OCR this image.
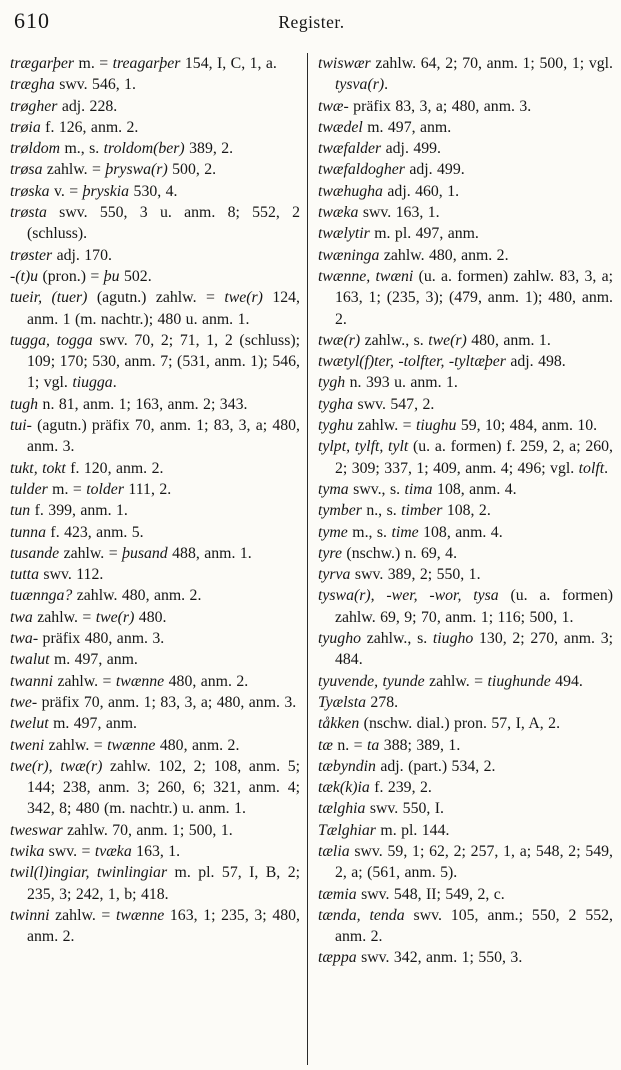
610	Register.

trægarþer m. = treagarþer 154, I, C, 1, a.

trægha swv. 546, 1.

trøgher adj. 228.

trøia f. 126, anm. 2.

trøldom m., s. troldom(ber) 389, 2.

trøsa zahlw. = þryswa(r) 500, 2.

trøska v. = þryskia 530, 4.

trøsta swv. 550, 3 u. anm. 8; 552, 2 (schluss).

trøster adj. 170.

-(t)u (pron.) = þu 502.

tueir, (tuer) (agutn.) zahlw. = twe(r) 124, anm. 1 (m. nachtr.); 480 u. anm. 1.

tugga, togga swv. 70, 2; 71, 1, 2 (schluss); 109; 170; 530, anm. 7; (531, anm. 1); 546, 1; vgl. tiugga.

tugh n. 81, anm. 1; 163, anm. 2; 343.

tui- (agutn.) präfix 70, anm. 1; 83, 3, a; 480, anm. 3.

tukt, tokt f. 120, anm. 2.

tulder m. = tolder 111, 2.

tun f. 399, anm. 1.

tunna f. 423, anm. 5.

tusande zahlw. = þusand 488, anm. 1.

tutta swv. 112.

tuænnga? zahlw. 480, anm. 2.

twa zahlw. = twe(r) 480.

twa- präfix 480, anm. 3.

twalut m. 497, anm.

twanni zahlw. = twænne 480, anm. 2.

twe- präfix 70, anm. 1; 83, 3, a; 480, anm. 3.

twelut m. 497, anm.

tweni zahlw. = twænne 480, anm. 2.

twe(r), twæ(r) zahlw. 102, 2; 108, anm. 5; 144; 238, anm. 3; 260, 6; 321, anm. 4; 342, 8; 480 (m. nachtr.) u. anm. 1.

tweswar zahlw. 70, anm. 1; 500, 1.

twika swv. = tvæka 163, 1.

twil(l)ingiar, twinlingiar m. pl. 57, I, B, 2; 235, 3; 242, 1, b; 418.

twinni zahlw. = twænne 163, 1; 235, 3; 480, anm. 2.

twiswær zahlw. 64, 2; 70, anm. 1; 500, 1; vgl. tysva(r).

twæ- präfix 83, 3, a; 480, anm. 3.

twædel m. 497, anm.

twæfalder adj. 499.

twæfaldogher adj. 499.

twæhugha adj. 460, 1.

twæka swv. 163, 1.

twælytir m. pl. 497, anm.

twæninga zahlw. 480, anm. 2.

twænne, twæni (u. a. formen) zahlw. 83, 3, a; 163, 1; (235, 3); (479, anm. 1); 480, anm. 2.

twæ(r) zahlw., s. twe(r) 480, anm. 1.

twætyl(f)ter, -tolfter, -tyltæþer adj. 498.

tygh n. 393 u. anm. 1.

tygha swv. 547, 2.

tyghu zahlw. = tiughu 59, 10; 484, anm. 10.

tylpt, tylft, tylt (u. a. formen) f. 259, 2, a; 260, 2; 309; 337, 1; 409, anm. 4; 496; vgl. tolft.

tyma swv., s. tima 108, anm. 4.

tymber n., s. timber 108, 2.

tyme m., s. time 108, anm. 4.

tyre (nschw.) n. 69, 4.

tyrva swv. 389, 2; 550, 1.

tyswa(r), -wer, -wor, tysa (u. a. formen) zahlw. 69, 9; 70, anm. 1; 116; 500, 1.

tyugho zahlw., s. tiugho 130, 2; 270, anm. 3; 484.

tyuvende, tyunde zahlw. = tiughunde 494.

Tyælsta 278.

tåkken (nschw. dial.) pron. 57, I, A, 2.

tæ n. = ta 388; 389, 1.

tæbyndin adj. (part.) 534, 2.

tæk(k)ia f. 239, 2.

tælghia swv. 550, I.

Tælghiar m. pl. 144.

tælia swv. 59, 1; 62, 2; 257, 1, a; 548, 2; 549, 2, a; (561, anm. 5).

tæmia swv. 548, II; 549, 2, c.

tænda, tenda swv. 105, anm.; 550, 2 552, anm. 2.

tæppa swv. 342, anm. 1; 550, 3.
